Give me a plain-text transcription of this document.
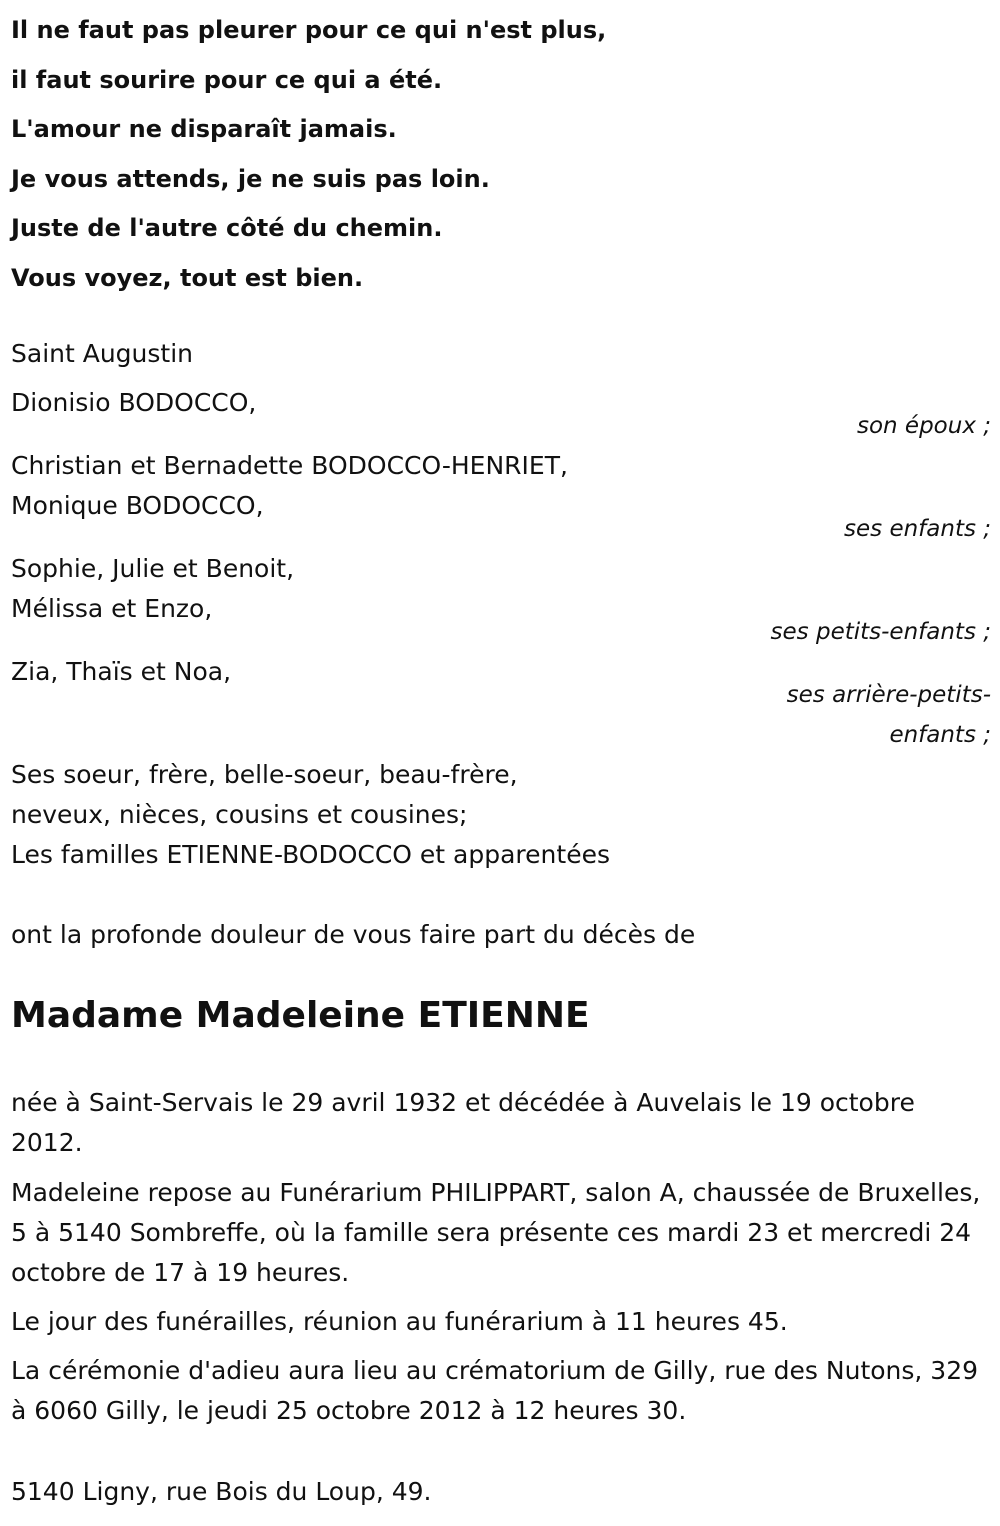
Il ne faut pas pleurer pour ce qui n'est plus,
il faut sourire pour ce qui a été.
L'amour ne disparaît jamais.
Je vous attends, je ne suis pas loin.
Juste de l'autre côté du chemin.
Vous voyez, tout est bien.
Saint Augustin
Dionisio BODOCCO,
son époux ;
Christian et Bernadette BODOCCO-HENRIET,
Monique BODOCCO,
ses enfants ;
Sophie, Julie et Benoit,
Mélissa et Enzo,
ses petits-enfants ;
Zia, Thaïs et Noa,
ses arrière-petits-
enfants ;
Ses soeur, frère, belle-soeur, beau-frère,
neveux, nièces, cousins et cousines;
Les familles ETIENNE-BODOCCO et apparentées
ont la profonde douleur de vous faire part du décès de
Madame Madeleine ETIENNE
née à Saint-Servais le 29 avril 1932 et décédée à Auvelais le 19 octobre 2012.
Madeleine repose au Funérarium PHILIPPART, salon A, chaussée de Bruxelles, 5 à 5140 Sombreffe, où la famille sera présente ces mardi 23 et mercredi 24 octobre de 17 à 19 heures.
Le jour des funérailles, réunion au funérarium à 11 heures 45.
La cérémonie d'adieu aura lieu au crématorium de Gilly, rue des Nutons, 329 à 6060 Gilly, le jeudi 25 octobre 2012 à 12 heures 30.
5140 Ligny, rue Bois du Loup, 49.
